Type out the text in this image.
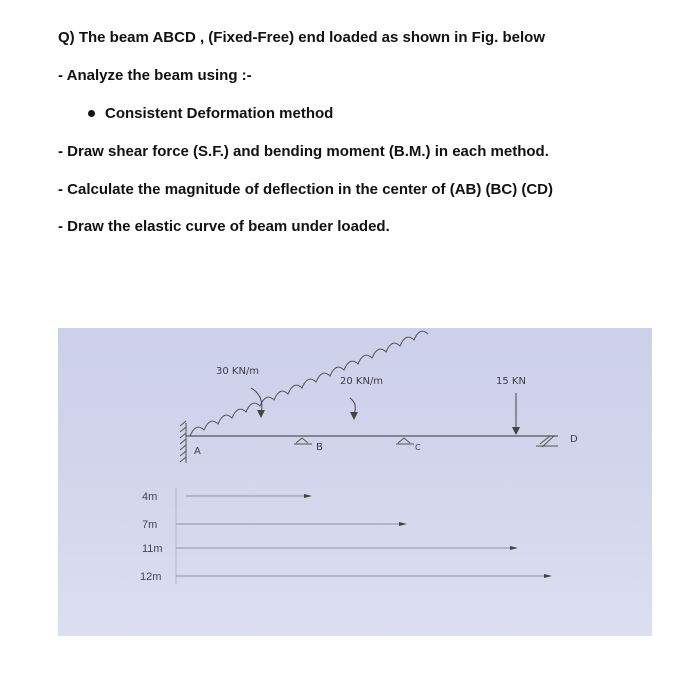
Q) The beam ABCD , (Fixed-Free) end loaded as shown in Fig. below
- Analyze the beam using :-
Consistent Deformation method
- Draw shear force (S.F.) and bending moment (B.M.) in each method.
- Calculate the magnitude of deflection in the center of (AB) (BC) (CD)
- Draw the elastic curve of beam under loaded.
30 KN/m
20 KN/m	15 KN
A	B	C
D
4m
7m
11m
12m
